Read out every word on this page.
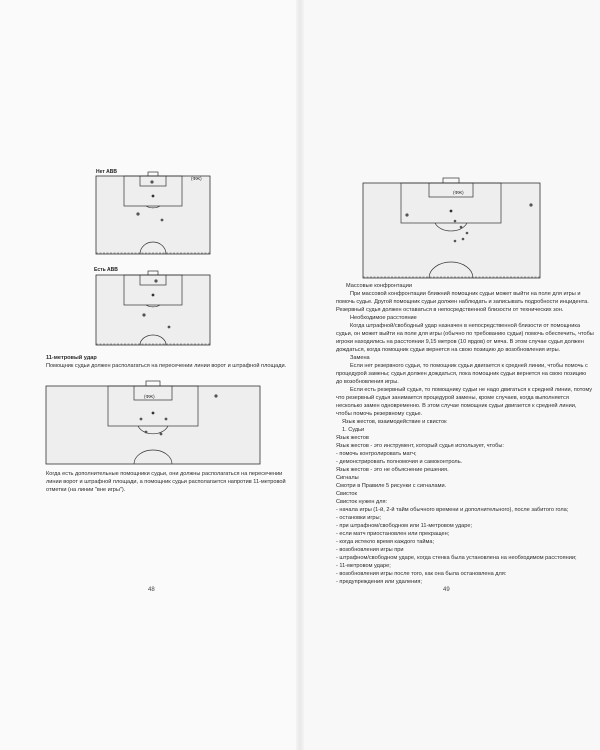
Нет АВВ
(ФЖ)
Есть АВВ
11-метровый удар
Помощник судьи должен располагаться на пересечении линии ворот и штрафной площади.
(ФЖ)
Когда есть дополнительные помощники судьи, они должны располагаться на пересечении
линии ворот и штрафной площади, а помощник судьи располагается напротив 11-метровой
отметки (на линии "вне игры").
48
(ФЖ)
Массовые конфронтации
При массовой конфронтации ближний помощник судьи может выйти на поле для игры и
помочь судье. Другой помощник судьи должен наблюдать и записывать подробности инцидента.
Резервный судья должен оставаться в непосредственной близости от технических зон.
Необходимое расстояние
Когда штрафной/свободный удар назначен в непосредственной близости от помощника
судьи, он может выйти на поле для игры (обычно по требованию судьи) помочь обеспечить, чтобы
игроки находились на расстоянии 9,15 метров (10 ярдов) от мяча. В этом случае судья должен
дождаться, когда помощник судьи вернется на свою позицию до возобновления игры.
Замена
Если нет резервного судьи, то помощник судьи двигается к средней линии, чтобы помочь с
процедурой замены; судья должен дождаться, пока помощник судьи вернется на свою позицию
до возобновления игры.
Если есть резервный судья, то помощнику судьи не надо двигаться к средней линии, потому
что резервный судья занимается процедурой замены, кроме случаев, когда выполняется
несколько замен одновременно. В этом случае помощник судьи двигается к средней линии,
чтобы помочь резервному судье.
Язык жестов, взаимодействие и свисток
1. Судьи
Язык жестов
Язык жестов - это инструмент, который судья использует, чтобы:
- помочь контролировать матч;
- демонстрировать полномочия и самоконтроль.
Язык жестов - это не объяснение решения.
Сигналы
Смотри в Правиле 5 рисунки с сигналами.
Свисток
Свисток нужен для:
- начала игры (1-й, 2-й тайм обычного времени и дополнительного), после забитого гола;
- остановки игры;
- при штрафном/свободном или 11-метровом ударе;
- если матч приостановлен или прекращен;
- когда истекло время каждого тайма;
- возобновления игры при
- штрафном/свободном ударе, когда стенка была установлена на необходимом расстоянии;
- 11-метровом ударе;
- возобновления игры после того, как она была остановлена для:
- предупреждения или удаления;
49
